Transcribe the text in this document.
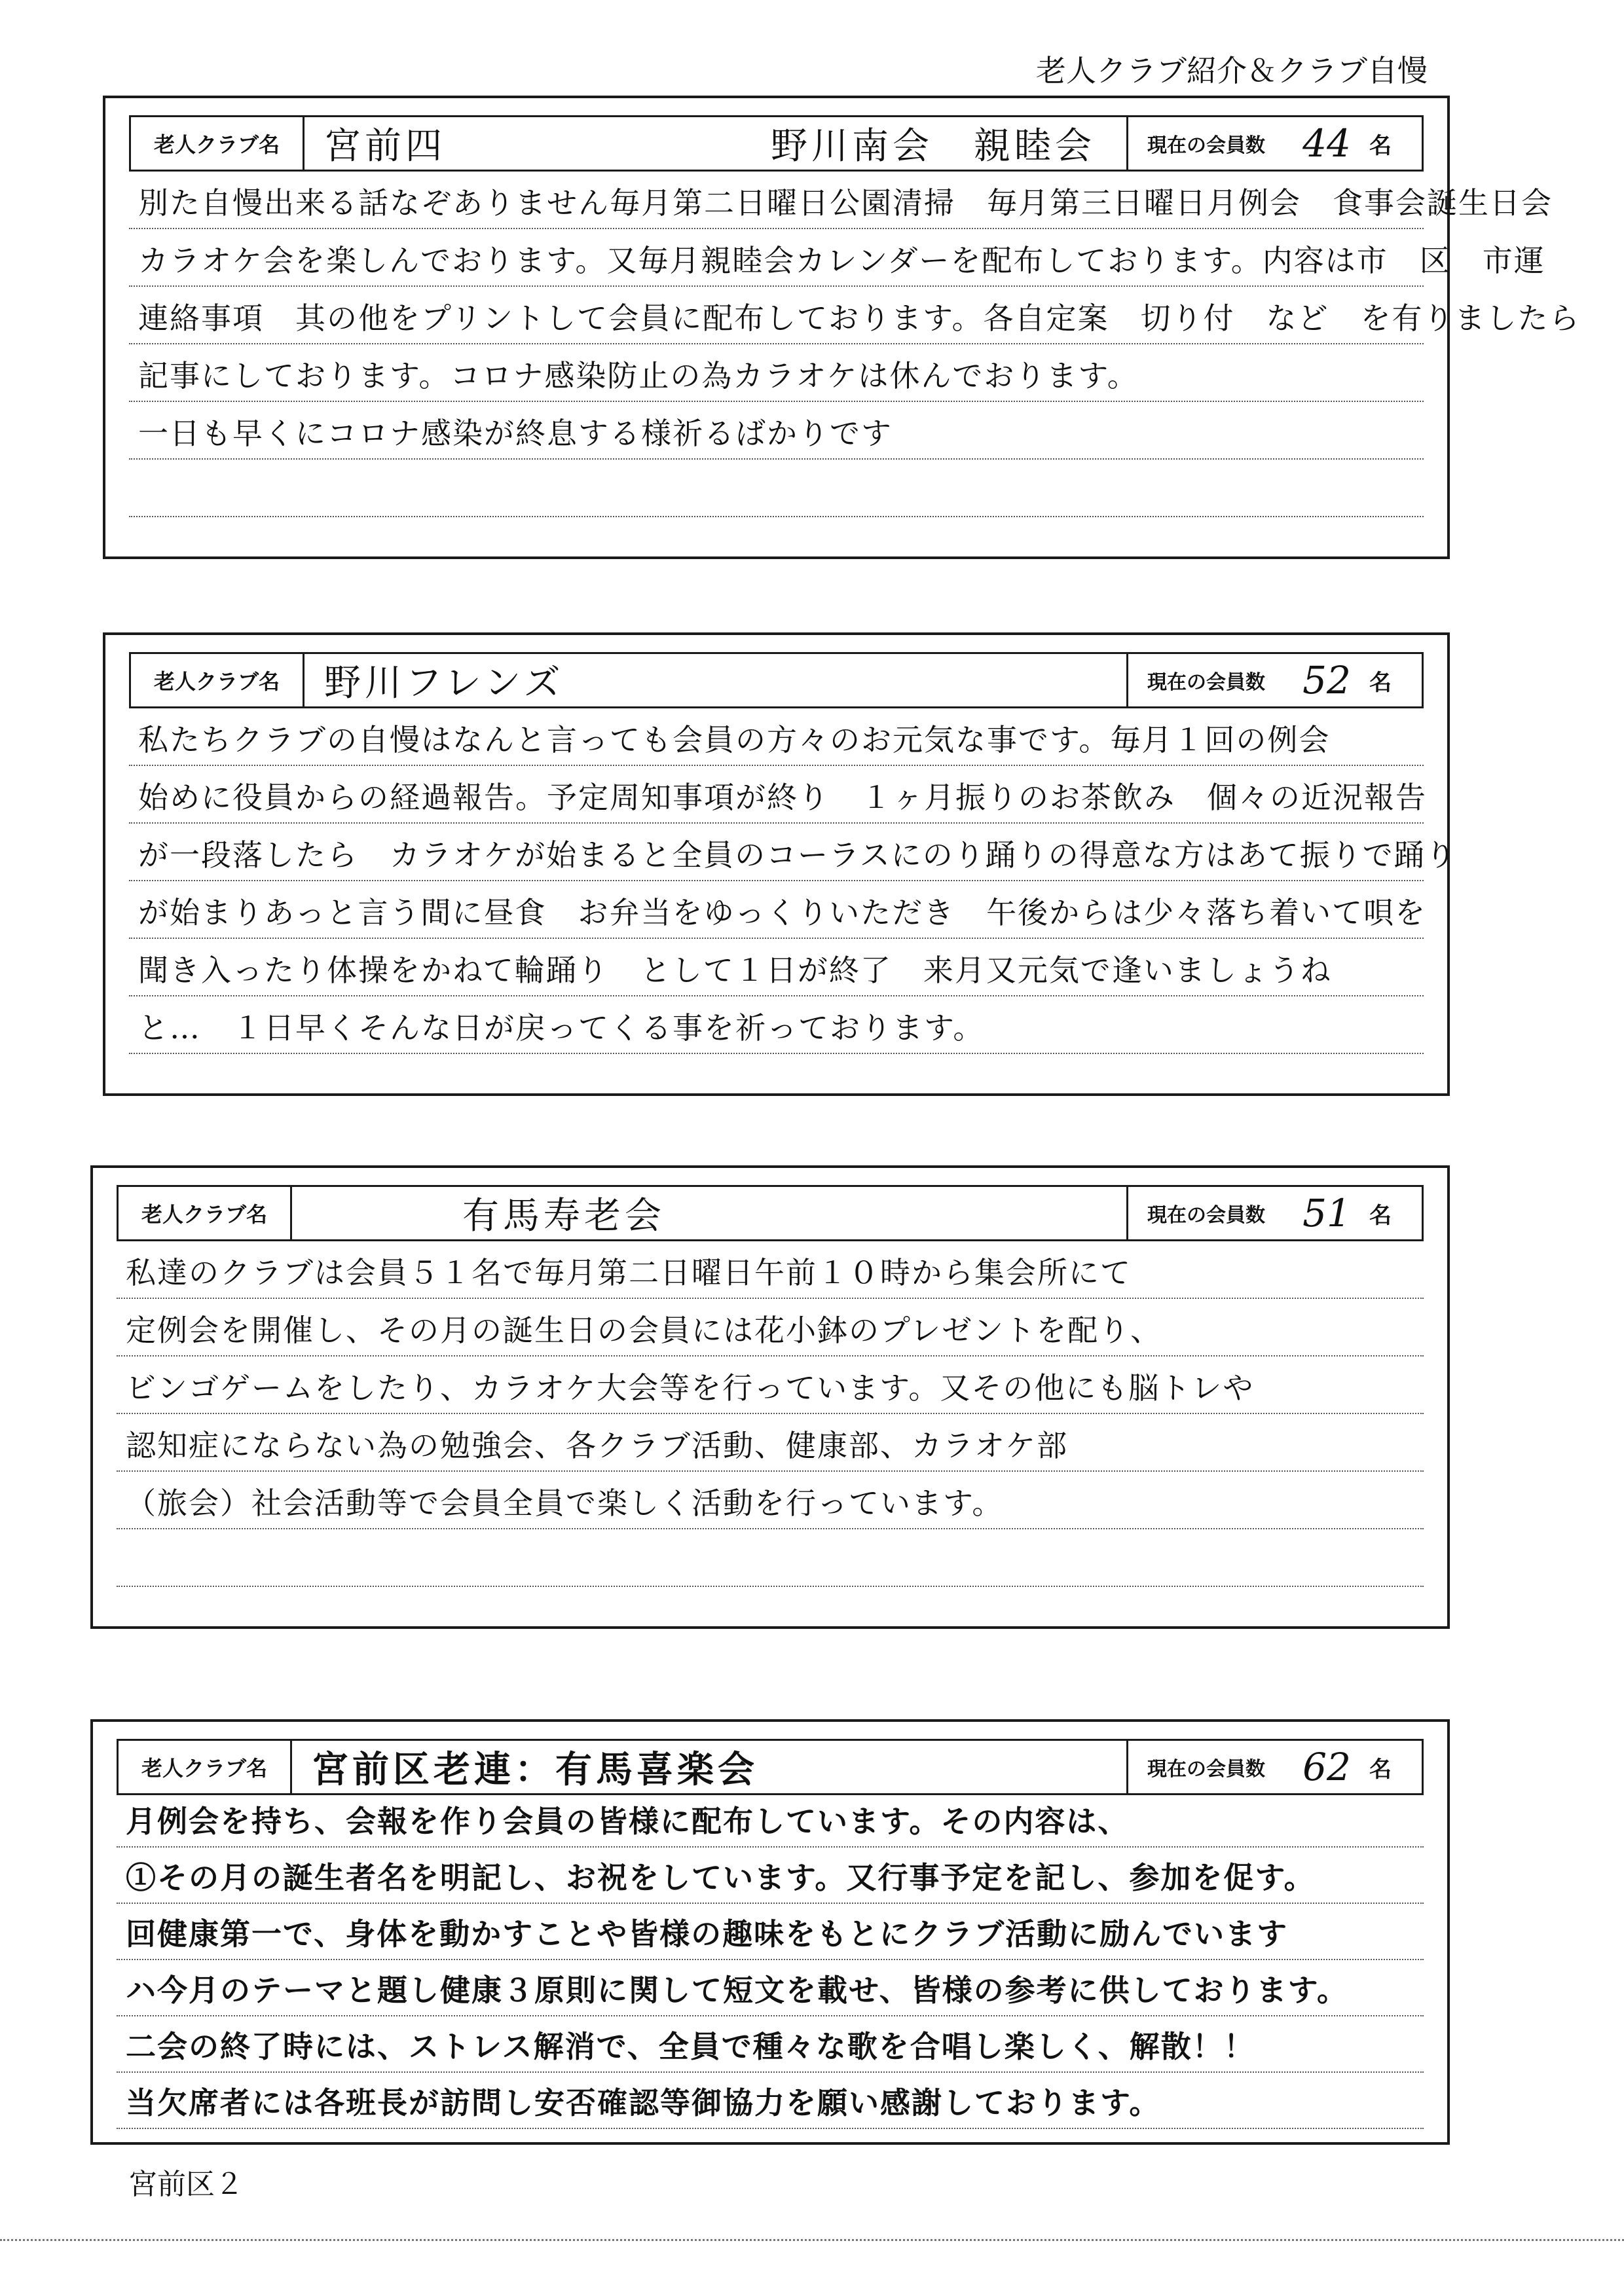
老人クラブ紹介＆クラブ自慢
老人クラブ名	宮前四　　　　　　　　野川南会　親睦会	現在の会員数 44 名
別た自慢出来る話なぞありません毎月第二日曜日公園清掃　毎月第三日曜日月例会　食事会誕生日会
カラオケ会を楽しんでおります。又毎月親睦会カレンダーを配布しております。内容は市　区　市運
連絡事項　其の他をプリントして会員に配布しております。各自定案　切り付　など　を有りましたら
記事にしております。コロナ感染防止の為カラオケは休んでおります。
一日も早くにコロナ感染が終息する様祈るばかりです
老人クラブ名	野川フレンズ	現在の会員数 52 名
私たちクラブの自慢はなんと言っても会員の方々のお元気な事です。毎月１回の例会
始めに役員からの経過報告。予定周知事項が終り　１ヶ月振りのお茶飲み　個々の近況報告
が一段落したら　カラオケが始まると全員のコーラスにのり踊りの得意な方はあて振りで踊り
が始まりあっと言う間に昼食　お弁当をゆっくりいただき　午後からは少々落ち着いて唄を
聞き入ったり体操をかねて輪踊り　として１日が終了　来月又元気で逢いましょうね
と…　１日早くそんな日が戻ってくる事を祈っております。
老人クラブ名	有馬寿老会	現在の会員数 51 名
私達のクラブは会員５１名で毎月第二日曜日午前１０時から集会所にて
定例会を開催し、その月の誕生日の会員には花小鉢のプレゼントを配り、
ビンゴゲームをしたり、カラオケ大会等を行っています。又その他にも脳トレや
認知症にならない為の勉強会、各クラブ活動、健康部、カラオケ部
（旅会）社会活動等で会員全員で楽しく活動を行っています。
老人クラブ名	宮前区老連：有馬喜楽会	現在の会員数 62 名
月例会を持ち、会報を作り会員の皆様に配布しています。その内容は、
①その月の誕生者名を明記し、お祝をしています。又行事予定を記し、参加を促す。
回健康第一で、身体を動かすことや皆様の趣味をもとにクラブ活動に励んでいます
ハ今月のテーマと題し健康３原則に関して短文を載せ、皆様の参考に供しております。
二会の終了時には、ストレス解消で、全員で種々な歌を合唱し楽しく、解散！！
当欠席者には各班長が訪問し安否確認等御協力を願い感謝しております。
宮前区２
